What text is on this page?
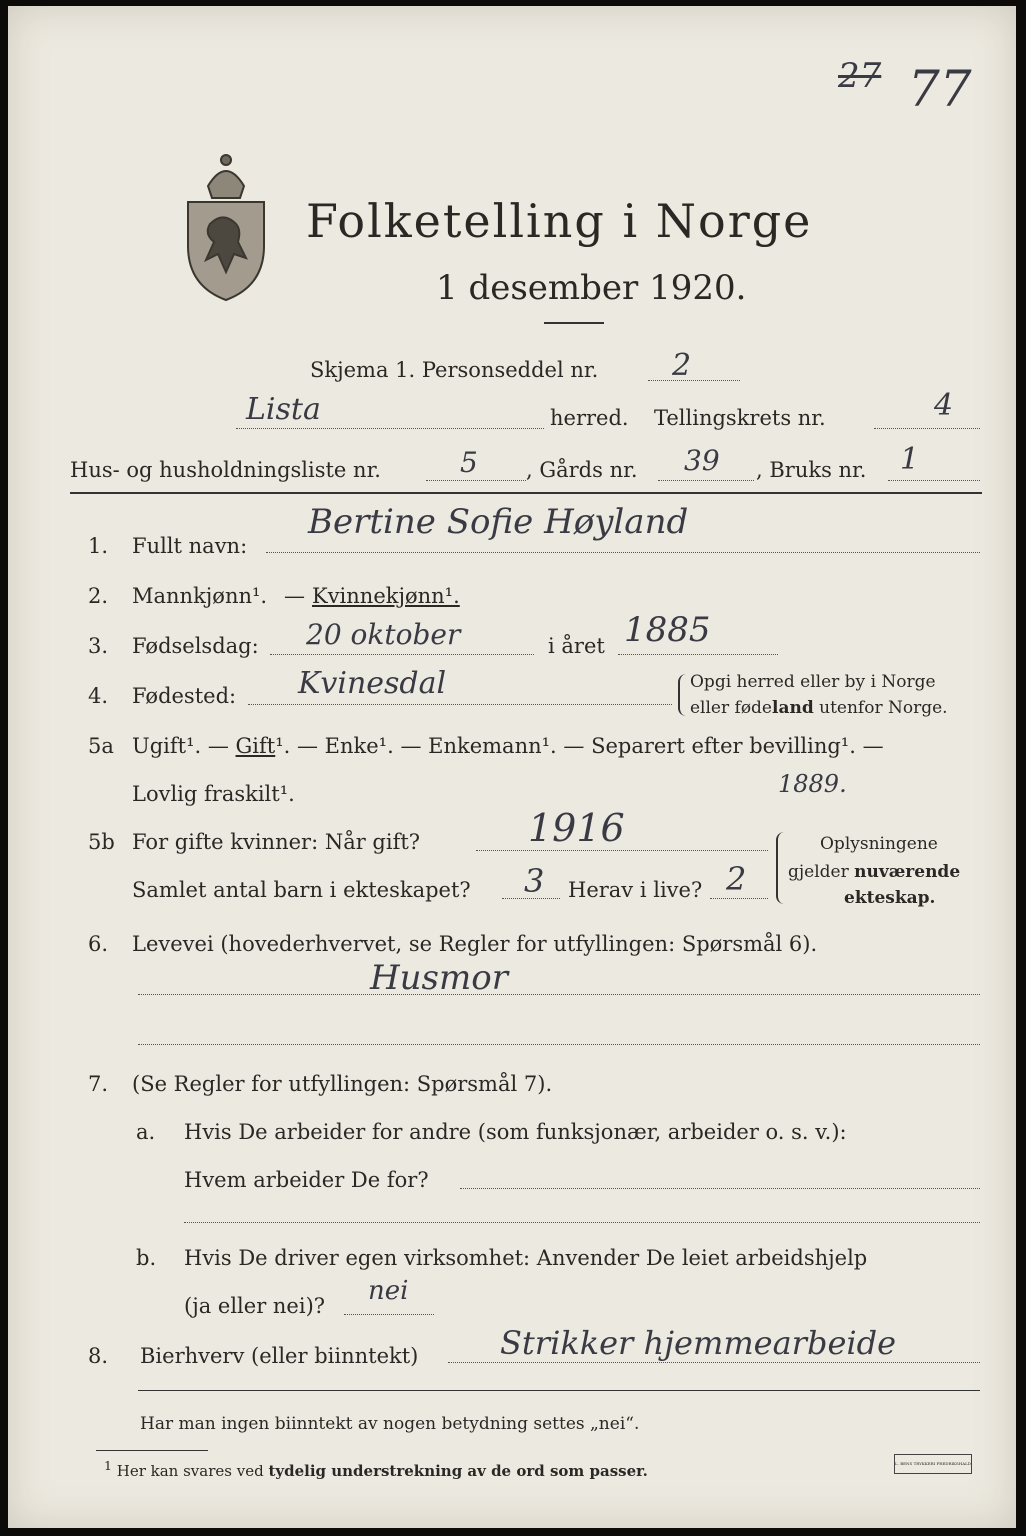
27 77
Folketelling i Norge
1 desember 1920.
Skjema 1. Personseddel nr. 2
Lista	herred. Tellingskrets nr.	4
Hus- og husholdningsliste nr.	5 , Gårds nr. 39 , Bruks nr. 1
1. Fullt navn:
Bertine Sofie Høyland
2. Mannkjønn¹. — Kvinnekjønn¹.
3. Fødselsdag: 20 oktober	i året 1885
4. Fødested: Kvinesdal	Opgi herred eller by i Norge
eller fødeland utenfor Norge.
5a Ugift¹. — Gift¹. — Enke¹. — Enkemann¹. — Separert efter bevilling¹. —
Lovlig fraskilt¹.	1889.
5b For gifte kvinner: Når gift?	1916
Samlet antal barn i ekteskapet? 3 Herav i live? 2
Oplysningene
gjelder nuværende
ekteskap.
6. Levevei (hovederhvervet, se Regler for utfyllingen: Spørsmål 6).
Husmor
7. (Se Regler for utfyllingen: Spørsmål 7).
a. Hvis De arbeider for andre (som funksjonær, arbeider o. s. v.):
Hvem arbeider De for?
b. Hvis De driver egen virksomhet: Anvender De leiet arbeidshjelp
(ja eller nei)? nei
8. Bierhverv (eller biinntekt)	Strikker hjemmearbeide
Har man ingen biinntekt av nogen betydning settes „nei“.
$^1$ Her kan svares ved tydelig understrekning av de ord som passer.	L. BENS TRYKKERI FREDRIKSHALD
